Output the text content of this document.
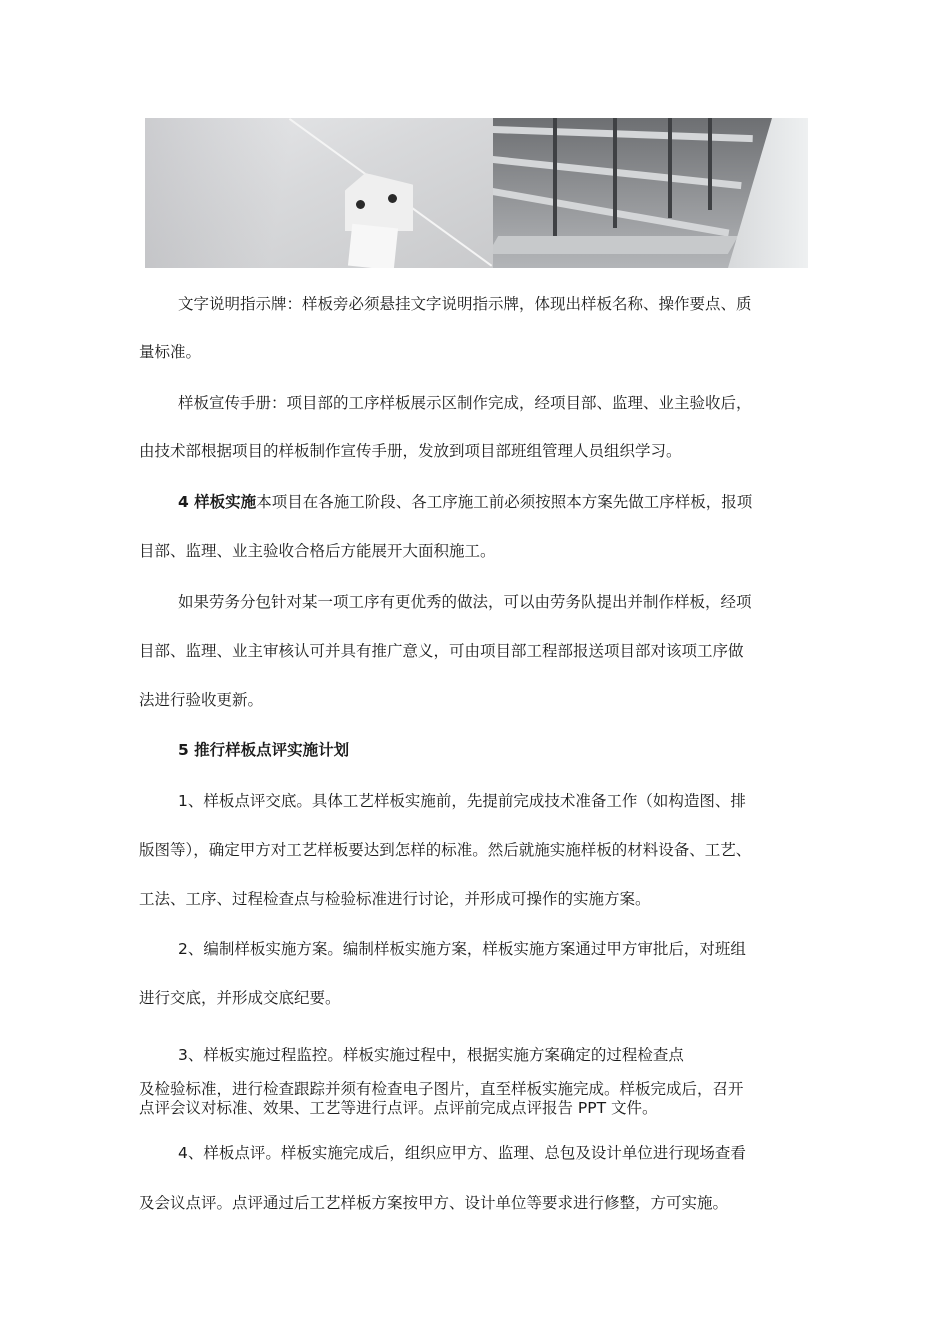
文字说明指示牌：样板旁必须悬挂文字说明指示牌，体现出样板名称、操作要点、质

量标准。

样板宣传手册：项目部的工序样板展示区制作完成，经项目部、监理、业主验收后，

由技术部根据项目的样板制作宣传手册，发放到项目部班组管理人员组织学习。

4 样板实施本项目在各施工阶段、各工序施工前必须按照本方案先做工序样板，报项

目部、监理、业主验收合格后方能展开大面积施工。

如果劳务分包针对某一项工序有更优秀的做法，可以由劳务队提出并制作样板，经项

目部、监理、业主审核认可并具有推广意义，可由项目部工程部报送项目部对该项工序做

法进行验收更新。

5 推行样板点评实施计划

1、样板点评交底。具体工艺样板实施前，先提前完成技术准备工作（如构造图、排

版图等），确定甲方对工艺样板要达到怎样的标准。然后就施实施样板的材料设备、工艺、

工法、工序、过程检查点与检验标准进行讨论，并形成可操作的实施方案。

2、编制样板实施方案。编制样板实施方案，样板实施方案通过甲方审批后，对班组

进行交底，并形成交底纪要。

3、样板实施过程监控。样板实施过程中，根据实施方案确定的过程检查点

及检验标准，进行检查跟踪并须有检查电子图片，直至样板实施完成。样板完成后，召开

点评会议对标准、效果、工艺等进行点评。点评前完成点评报告 PPT 文件。

4、样板点评。样板实施完成后，组织应甲方、监理、总包及设计单位进行现场查看

及会议点评。点评通过后工艺样板方案按甲方、设计单位等要求进行修整，方可实施。
